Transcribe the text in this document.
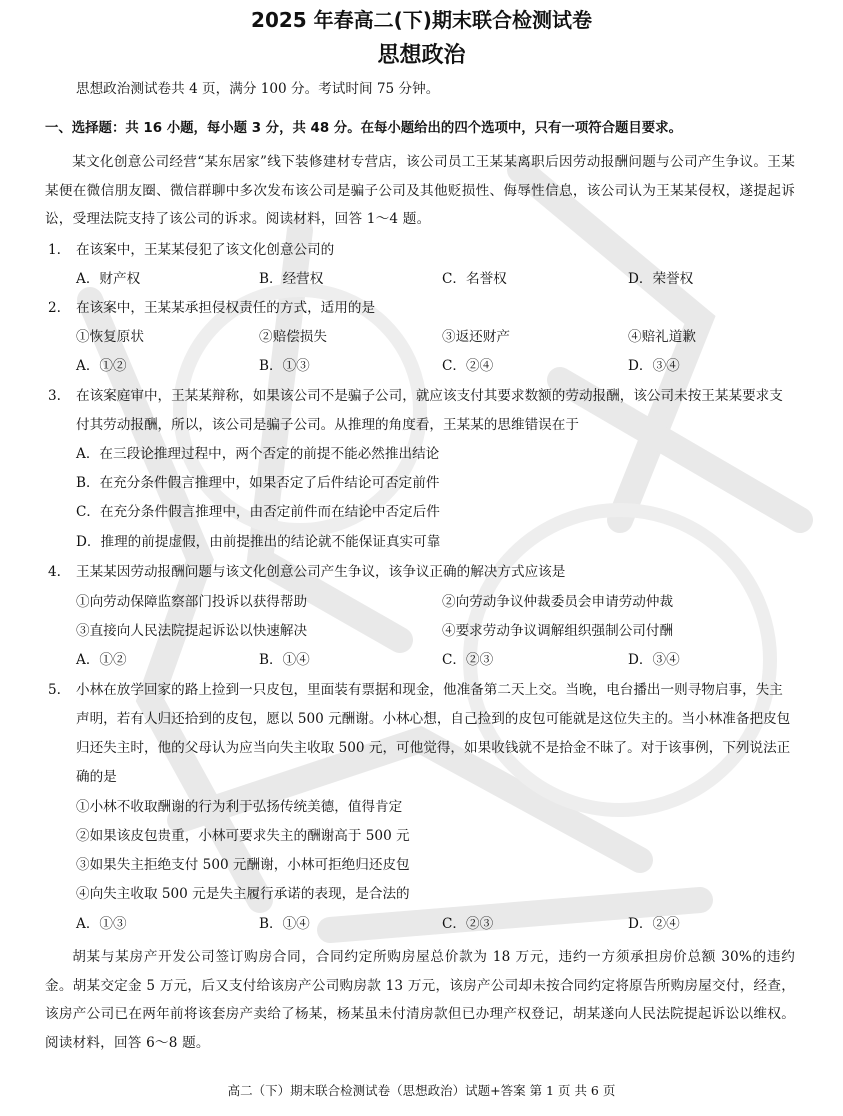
2025 年春高二(下)期末联合检测试卷
思想政治
思想政治测试卷共 4 页，满分 100 分。考试时间 75 分钟。
一、选择题：共 16 小题，每小题 3 分，共 48 分。在每小题给出的四个选项中，只有一项符合题目要求。
某文化创意公司经营“某东居家”线下装修建材专营店，该公司员工王某某离职后因劳动报酬问题与公司产生争议。王某某便在微信朋友圈、微信群聊中多次发布该公司是骗子公司及其他贬损性、侮辱性信息，该公司认为王某某侵权，遂提起诉讼，受理法院支持了该公司的诉求。阅读材料，回答 1～4 题。
1. 在该案中，王某某侵犯了该文化创意公司的
A．财产权	B．经营权	C．名誉权	D．荣誉权
2. 在该案中，王某某承担侵权责任的方式，适用的是
①恢复原状	②赔偿损失	③返还财产	④赔礼道歉
A．①②	B．①③	C．②④	D．③④
3. 在该案庭审中，王某某辩称，如果该公司不是骗子公司，就应该支付其要求数额的劳动报酬，该公司未按王某某要求支付其劳动报酬，所以，该公司是骗子公司。从推理的角度看，王某某的思维错误在于
A．在三段论推理过程中，两个否定的前提不能必然推出结论
B．在充分条件假言推理中，如果否定了后件结论可否定前件
C．在充分条件假言推理中，由否定前件而在结论中否定后件
D．推理的前提虚假，由前提推出的结论就不能保证真实可靠
4. 王某某因劳动报酬问题与该文化创意公司产生争议，该争议正确的解决方式应该是
①向劳动保障监察部门投诉以获得帮助	②向劳动争议仲裁委员会申请劳动仲裁
③直接向人民法院提起诉讼以快速解决	④要求劳动争议调解组织强制公司付酬
A．①②	B．①④	C．②③	D．③④
5. 小林在放学回家的路上捡到一只皮包，里面装有票据和现金，他准备第二天上交。当晚，电台播出一则寻物启事，失主声明，若有人归还拾到的皮包，愿以 500 元酬谢。小林心想，自己捡到的皮包可能就是这位失主的。当小林准备把皮包归还失主时，他的父母认为应当向失主收取 500 元，可他觉得，如果收钱就不是拾金不昧了。对于该事例，下列说法正确的是
①小林不收取酬谢的行为利于弘扬传统美德，值得肯定
②如果该皮包贵重，小林可要求失主的酬谢高于 500 元
③如果失主拒绝支付 500 元酬谢，小林可拒绝归还皮包
④向失主收取 500 元是失主履行承诺的表现，是合法的
A．①③	B．①④	C．②③	D．②④
胡某与某房产开发公司签订购房合同，合同约定所购房屋总价款为 18 万元，违约一方须承担房价总额 30%的违约金。胡某交定金 5 万元，后又支付给该房产公司购房款 13 万元，该房产公司却未按合同约定将原告所购房屋交付，经查，该房产公司已在两年前将该套房产卖给了杨某，杨某虽未付清房款但已办理产权登记，胡某遂向人民法院提起诉讼以维权。阅读材料，回答 6～8 题。
高二（下）期末联合检测试卷（思想政治）试题+答案 第 1 页 共 6 页
